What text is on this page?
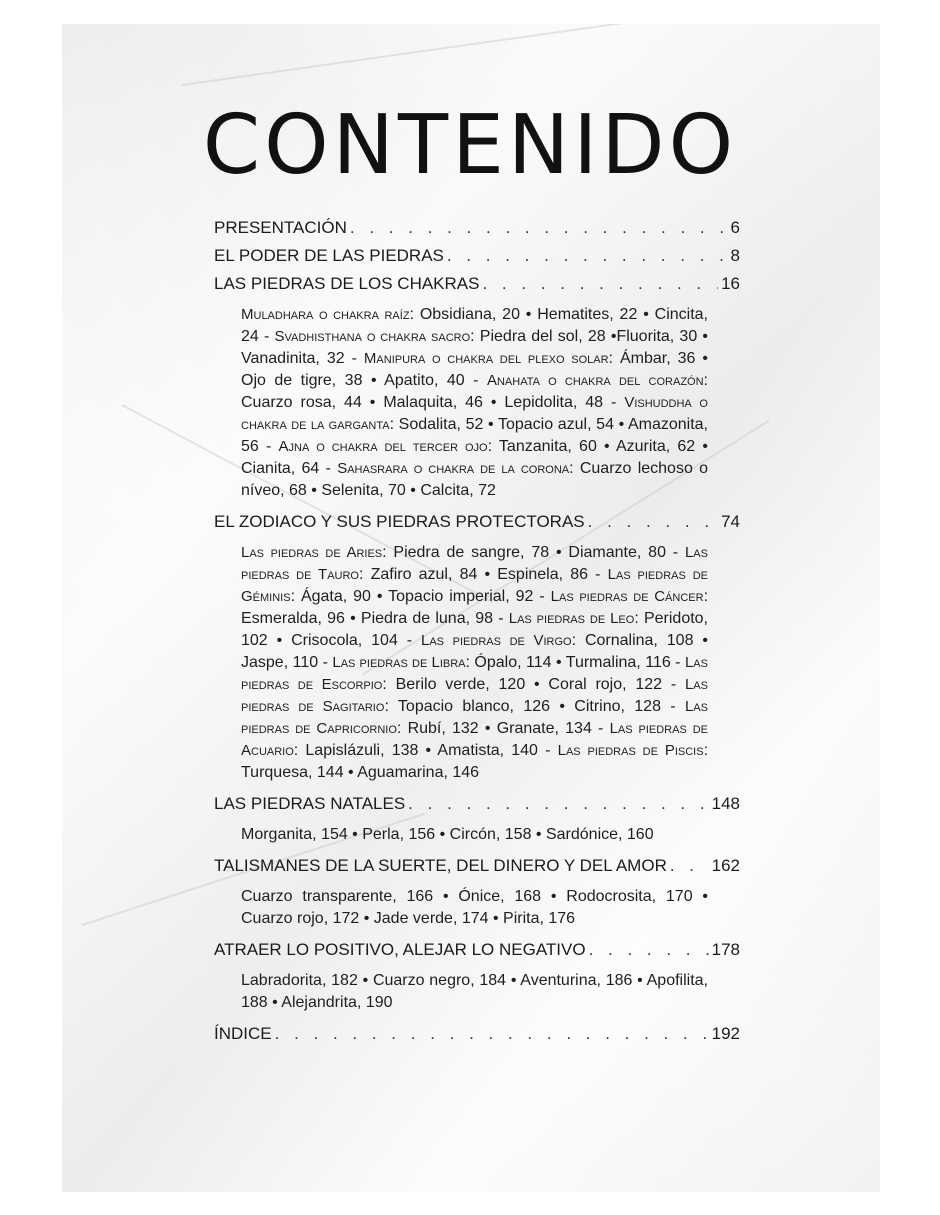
CONTENIDO
PRESENTACIÓN . . .	6
EL PODER DE LAS PIEDRAS . . .	8
LAS PIEDRAS DE LOS CHAKRAS . . .	16
Muladhara o chakra raíz: Obsidiana, 20 • Hematites, 22 • Cincita, 24 - Svadhisthana o chakra sacro: Piedra del sol, 28 •Fluorita, 30 • Vanadinita, 32 - Manipura o chakra del plexo solar: Ámbar, 36 • Ojo de tigre, 38 • Apatito, 40 - Anahata o chakra del corazón: Cuarzo rosa, 44 • Malaquita, 46 • Lepidolita, 48 - Vishuddha o chakra de la garganta: Sodalita, 52 • Topacio azul, 54 • Amazonita, 56 - Ajna o chakra del tercer ojo: Tanzanita, 60 • Azurita, 62 • Cianita, 64 - Sahasrara o chakra de la corona: Cuarzo lechoso o níveo, 68 • Selenita, 70 • Calcita, 72
EL ZODIACO Y SUS PIEDRAS PROTECTORAS . . .	74
Las piedras de Aries: Piedra de sangre, 78 • Diamante, 80 - Las piedras de Tauro: Zafiro azul, 84 • Espinela, 86 - Las piedras de Géminis: Ágata, 90 • Topacio imperial, 92 - Las piedras de Cáncer: Esmeralda, 96 • Piedra de luna, 98 - Las piedras de Leo: Peridoto, 102 • Crisocola, 104 - Las piedras de Virgo: Cornalina, 108 • Jaspe, 110 - Las piedras de Libra: Ópalo, 114 • Turmalina, 116 - Las piedras de Escorpio: Berilo verde, 120 • Coral rojo, 122 - Las piedras de Sagitario: Topacio blanco, 126 • Citrino, 128 - Las piedras de Capricornio: Rubí, 132 • Granate, 134 - Las piedras de Acuario: Lapislázuli, 138 • Amatista, 140 - Las piedras de Piscis: Turquesa, 144 • Aguamarina, 146
LAS PIEDRAS NATALES . . .	148
Morganita, 154 • Perla, 156 • Circón, 158 • Sardónice, 160
TALISMANES DE LA SUERTE, DEL DINERO Y DEL AMOR . . .	162
Cuarzo transparente, 166 • Ónice, 168 • Rodocrosita, 170 • Cuarzo rojo, 172 • Jade verde, 174 • Pirita, 176
ATRAER LO POSITIVO, ALEJAR LO NEGATIVO . . .	178
Labradorita, 182 • Cuarzo negro, 184 • Aventurina, 186 • Apofilita, 188 • Alejandrita, 190
ÍNDICE . . .	192
